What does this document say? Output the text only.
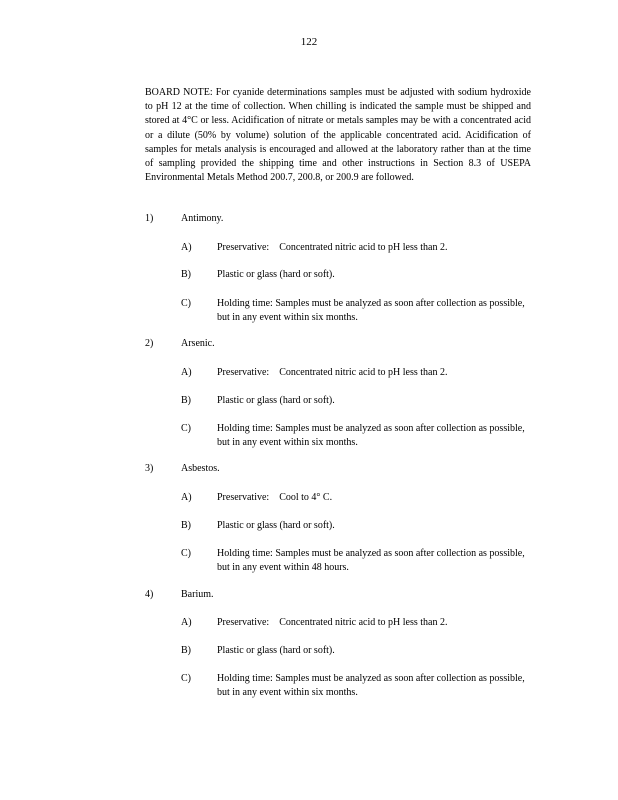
122
BOARD NOTE: For cyanide determinations samples must be adjusted with sodium hydroxide to pH 12 at the time of collection. When chilling is indicated the sample must be shipped and stored at 4°C or less. Acidification of nitrate or metals samples may be with a concentrated acid or a dilute (50% by volume) solution of the applicable concentrated acid. Acidification of samples for metals analysis is encouraged and allowed at the laboratory rather than at the time of sampling provided the shipping time and other instructions in Section 8.3 of USEPA Environmental Metals Method 200.7, 200.8, or 200.9 are followed.
1)	Antimony.
A)	Preservative:    Concentrated nitric acid to pH less than 2.
B)	Plastic or glass (hard or soft).
C)	Holding time: Samples must be analyzed as soon after collection as possible, but in any event within six months.
2)	Arsenic.
A)	Preservative:    Concentrated nitric acid to pH less than 2.
B)	Plastic or glass (hard or soft).
C)	Holding time: Samples must be analyzed as soon after collection as possible, but in any event within six months.
3)	Asbestos.
A)	Preservative:    Cool to 4° C.
B)	Plastic or glass (hard or soft).
C)	Holding time: Samples must be analyzed as soon after collection as possible, but in any event within 48 hours.
4)	Barium.
A)	Preservative:    Concentrated nitric acid to pH less than 2.
B)	Plastic or glass (hard or soft).
C)	Holding time: Samples must be analyzed as soon after collection as possible, but in any event within six months.
